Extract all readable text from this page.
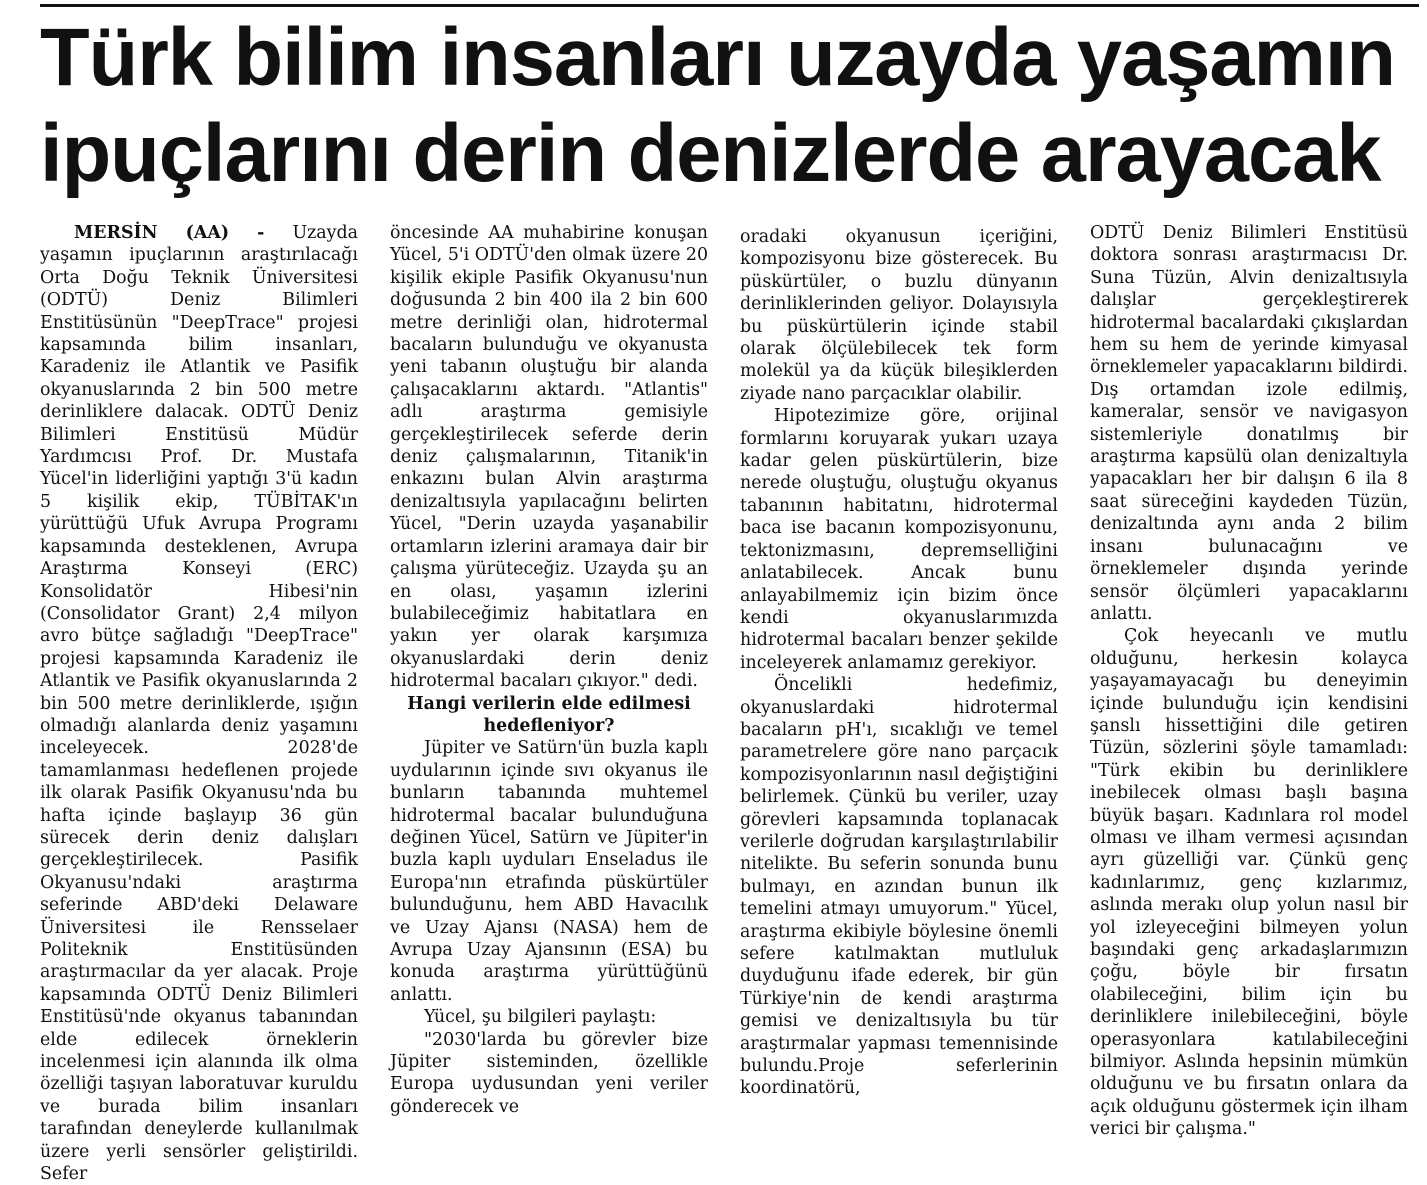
Türk bilim insanları uzayda yaşamın
ipuçlarını derin denizlerde arayacak

MERSİN (AA) - Uzayda yaşamın ipuçlarının araştırılacağı Orta Doğu Teknik Üniversitesi (ODTÜ) Deniz Bilimleri Enstitüsünün "DeepTrace" projesi kapsamında bilim insanları, Karadeniz ile Atlantik ve Pasifik okyanuslarında 2 bin 500 metre derinliklere dalacak. ODTÜ Deniz Bilimleri Enstitüsü Müdür Yardımcısı Prof. Dr. Mustafa Yücel'in liderliğini yaptığı 3'ü kadın 5 kişilik ekip, TÜBİTAK'ın yürüttüğü Ufuk Avrupa Programı kapsamında desteklenen, Avrupa Araştırma Konseyi (ERC) Konsolidatör Hibesi'nin (Consolidator Grant) 2,4 milyon avro bütçe sağladığı "DeepTrace" projesi kapsamında Karadeniz ile Atlantik ve Pasifik okyanuslarında 2 bin 500 metre derinliklerde, ışığın olmadığı alanlarda deniz yaşamını inceleyecek. 2028'de tamamlanması hedeflenen projede ilk olarak Pasifik Okyanusu'nda bu hafta içinde başlayıp 36 gün sürecek derin deniz dalışları gerçekleştirilecek. Pasifik Okyanusu'ndaki araştırma seferinde ABD'deki Delaware Üniversitesi ile Rensselaer Politeknik Enstitüsünden araştırmacılar da yer alacak. Proje kapsamında ODTÜ Deniz Bilimleri Enstitüsü'nde okyanus tabanından elde edilecek örneklerin incelenmesi için alanında ilk olma özelliği taşıyan laboratuvar kuruldu ve burada bilim insanları tarafından deneylerde kullanılmak üzere yerli sensörler geliştirildi. Sefer

öncesinde AA muhabirine konuşan Yücel, 5'i ODTÜ'den olmak üzere 20 kişilik ekiple Pasifik Okyanusu'nun doğusunda 2 bin 400 ila 2 bin 600 metre derinliği olan, hidrotermal bacaların bulunduğu ve okyanusta yeni tabanın oluştuğu bir alanda çalışacaklarını aktardı. "Atlantis" adlı araştırma gemisiyle gerçekleştirilecek seferde derin deniz çalışmalarının, Titanik'in enkazını bulan Alvin araştırma denizaltısıyla yapılacağını belirten Yücel, "Derin uzayda yaşanabilir ortamların izlerini aramaya dair bir çalışma yürüteceğiz. Uzayda şu an en olası, yaşamın izlerini bulabileceğimiz habitatlara en yakın yer olarak karşımıza okyanuslardaki derin deniz hidrotermal bacaları çıkıyor." dedi.

Hangi verilerin elde edilmesi hedefleniyor?

Jüpiter ve Satürn'ün buzla kaplı uydularının içinde sıvı okyanus ile bunların tabanında muhtemel hidrotermal bacalar bulunduğuna değinen Yücel, Satürn ve Jüpiter'in buzla kaplı uyduları Enseladus ile Europa'nın etrafında püskürtüler bulunduğunu, hem ABD Havacılık ve Uzay Ajansı (NASA) hem de Avrupa Uzay Ajansının (ESA) bu konuda araştırma yürüttüğünü anlattı.

Yücel, şu bilgileri paylaştı:

"2030'larda bu görevler bize Jüpiter sisteminden, özellikle Europa uydusundan yeni veriler gönderecek ve

oradaki okyanusun içeriğini, kompozisyonu bize gösterecek. Bu püskürtüler, o buzlu dünyanın derinliklerinden geliyor. Dolayısıyla bu püskürtülerin içinde stabil olarak ölçülebilecek tek form molekül ya da küçük bileşiklerden ziyade nano parçacıklar olabilir.

Hipotezimize göre, orijinal formlarını koruyarak yukarı uzaya kadar gelen püskürtülerin, bize nerede oluştuğu, oluştuğu okyanus tabanının habitatını, hidrotermal baca ise bacanın kompozisyonunu, tektonizmasını, depremselliğini anlatabilecek. Ancak bunu anlayabilmemiz için bizim önce kendi okyanuslarımızda hidrotermal bacaları benzer şekilde inceleyerek anlamamız gerekiyor.

Öncelikli hedefimiz, okyanuslardaki hidrotermal bacaların pH'ı, sıcaklığı ve temel parametrelere göre nano parçacık kompozisyonlarının nasıl değiştiğini belirlemek. Çünkü bu veriler, uzay görevleri kapsamında toplanacak verilerle doğrudan karşılaştırılabilir nitelikte. Bu seferin sonunda bunu bulmayı, en azından bunun ilk temelini atmayı umuyorum." Yücel, araştırma ekibiyle böylesine önemli sefere katılmaktan mutluluk duyduğunu ifade ederek, bir gün Türkiye'nin de kendi araştırma gemisi ve denizaltısıyla bu tür araştırmalar yapması temennisinde bulundu.Proje seferlerinin koordinatörü,

ODTÜ Deniz Bilimleri Enstitüsü doktora sonrası araştırmacısı Dr. Suna Tüzün, Alvin denizaltısıyla dalışlar gerçekleştirerek hidrotermal bacalardaki çıkışlardan hem su hem de yerinde kimyasal örneklemeler yapacaklarını bildirdi. Dış ortamdan izole edilmiş, kameralar, sensör ve navigasyon sistemleriyle donatılmış bir araştırma kapsülü olan denizaltıyla yapacakları her bir dalışın 6 ila 8 saat süreceğini kaydeden Tüzün, denizaltında aynı anda 2 bilim insanı bulunacağını ve örneklemeler dışında yerinde sensör ölçümleri yapacaklarını anlattı.

Çok heyecanlı ve mutlu olduğunu, herkesin kolayca yaşayamayacağı bu deneyimin içinde bulunduğu için kendisini şanslı hissettiğini dile getiren Tüzün, sözlerini şöyle tamamladı: "Türk ekibin bu derinliklere inebilecek olması başlı başına büyük başarı. Kadınlara rol model olması ve ilham vermesi açısından ayrı güzelliği var. Çünkü genç kadınlarımız, genç kızlarımız, aslında merakı olup yolun nasıl bir yol izleyeceğini bilmeyen yolun başındaki genç arkadaşlarımızın çoğu, böyle bir fırsatın olabileceğini, bilim için bu derinliklere inilebileceğini, böyle operasyonlara katılabileceğini bilmiyor. Aslında hepsinin mümkün olduğunu ve bu fırsatın onlara da açık olduğunu göstermek için ilham verici bir çalışma."
